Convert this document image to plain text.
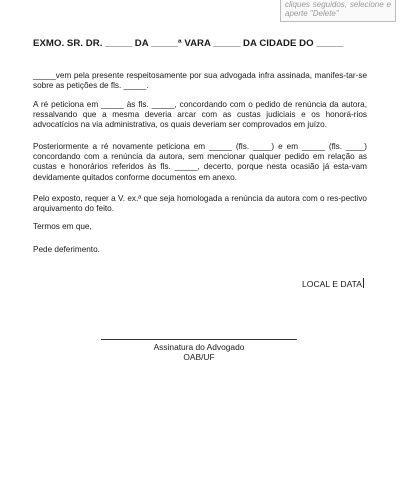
cliques seguidos, selecione e aperte "Delete"
EXMO. SR. DR. _____ DA _____ª VARA _____ DA CIDADE DO _____

_____vem pela presente respeitosamente por sua advogada infra assinada, manifes-tar-se sobre as petições de fls. _____.

A ré peticiona em _____ às fls. _____, concordando com o pedido de renúncia da autora, ressalvando que a mesma deveria arcar com as custas judiciais e os honorá-rios advocatícios na via administrativa, os quais deveriam ser comprovados em juízo.

Posteriormente a ré novamente peticiona em _____ (fls. ____) e em _____ (fls. ____) concordando com a renúncia da autora, sem mencionar qualquer pedido em relação as custas e honorários referidos às fls. _____, decerto, porque nesta ocasião já esta-vam devidamente quitados conforme documentos em anexo.

Pelo exposto, requer a V. ex.ª que seja homologada a renúncia da autora com o res-pectivo arquivamento do feito.

Termos em que,

Pede deferimento.

LOCAL E DATA
Assinatura do Advogado
OAB/UF
